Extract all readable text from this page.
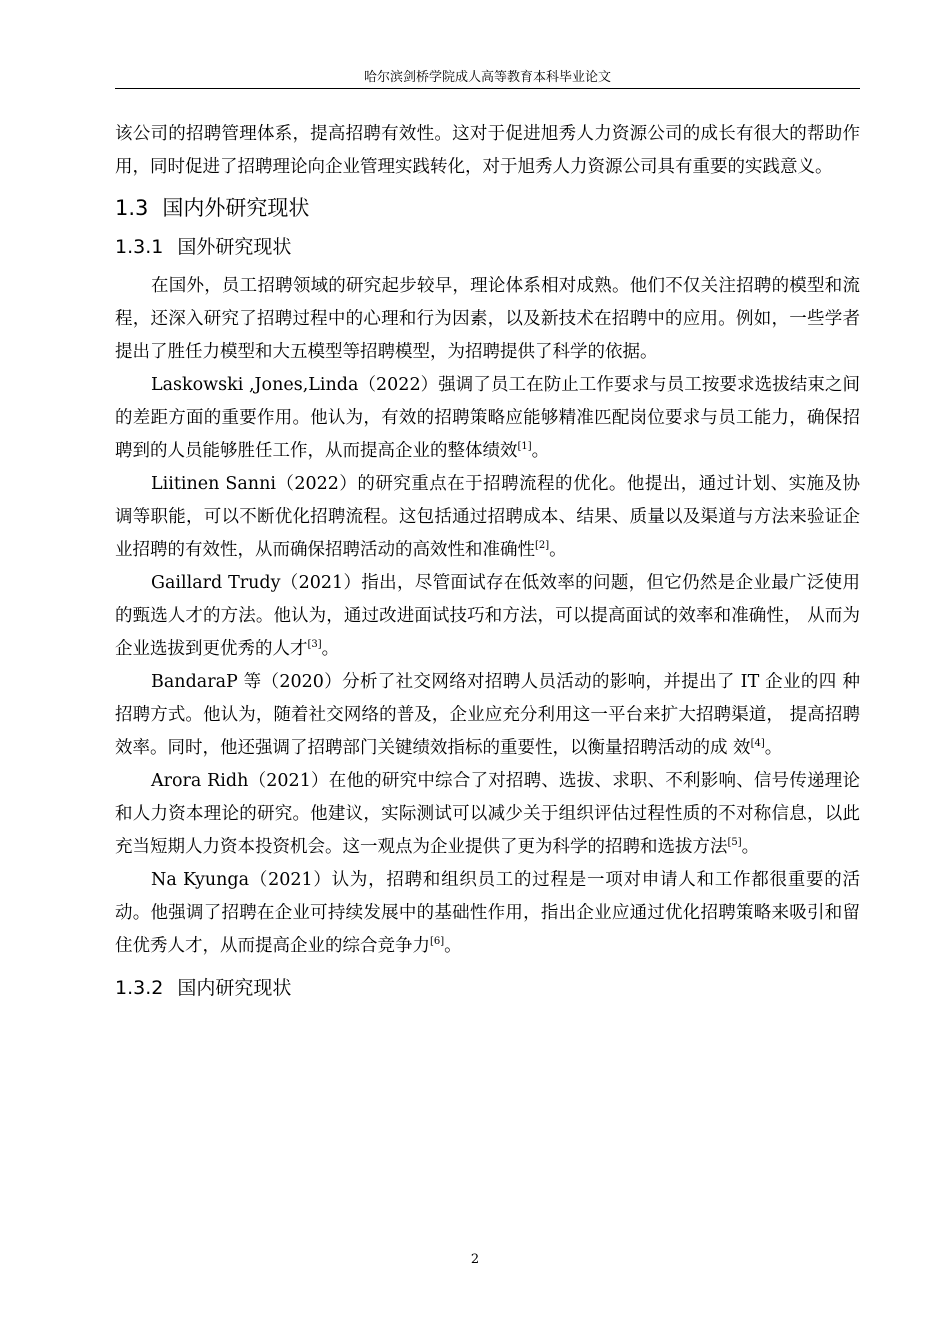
哈尔滨剑桥学院成人高等教育本科毕业论文

该公司的招聘管理体系，提高招聘有效性。这对于促进旭秀人力资源公司的成长有很大的帮助作用，同时促进了招聘理论向企业管理实践转化，对于旭秀人力资源公司具有重要的实践意义。

1.3 国内外研究现状
1.3.1 国外研究现状

在国外，员工招聘领域的研究起步较早，理论体系相对成熟。他们不仅关注招聘的模型和流程，还深入研究了招聘过程中的心理和行为因素，以及新技术在招聘中的应用。例如，一些学者提出了胜任力模型和大五模型等招聘模型，为招聘提供了科学的依据。

Laskowski ,Jones,Linda（2022）强调了员工在防止工作要求与员工按要求选拔结束之间的差距方面的重要作用。他认为，有效的招聘策略应能够精准匹配岗位要求与员工能力，确保招聘到的人员能够胜任工作，从而提高企业的整体绩效[1]。

Liitinen Sanni（2022）的研究重点在于招聘流程的优化。他提出，通过计划、实施及协调等职能，可以不断优化招聘流程。这包括通过招聘成本、结果、质量以及渠道与方法来验证企业招聘的有效性，从而确保招聘活动的高效性和准确性[2]。

Gaillard Trudy（2021）指出，尽管面试存在低效率的问题，但它仍然是企业最广泛使用的甄选人才的方法。他认为，通过改进面试技巧和方法，可以提高面试的效率和准确性， 从而为企业选拔到更优秀的人才[3]。

BandaraP 等（2020）分析了社交网络对招聘人员活动的影响，并提出了 IT 企业的四 种招聘方式。他认为，随着社交网络的普及，企业应充分利用这一平台来扩大招聘渠道， 提高招聘效率。同时，他还强调了招聘部门关键绩效指标的重要性，以衡量招聘活动的成 效[4]。

Arora Ridh（2021）在他的研究中综合了对招聘、选拔、求职、不利影响、信号传递理论和人力资本理论的研究。他建议，实际测试可以减少关于组织评估过程性质的不对称信息，以此充当短期人力资本投资机会。这一观点为企业提供了更为科学的招聘和选拔方法[5]。

Na Kyunga（2021）认为，招聘和组织员工的过程是一项对申请人和工作都很重要的活动。他强调了招聘在企业可持续发展中的基础性作用，指出企业应通过优化招聘策略来吸引和留住优秀人才，从而提高企业的综合竞争力[6]。

1.3.2 国内研究现状
2
